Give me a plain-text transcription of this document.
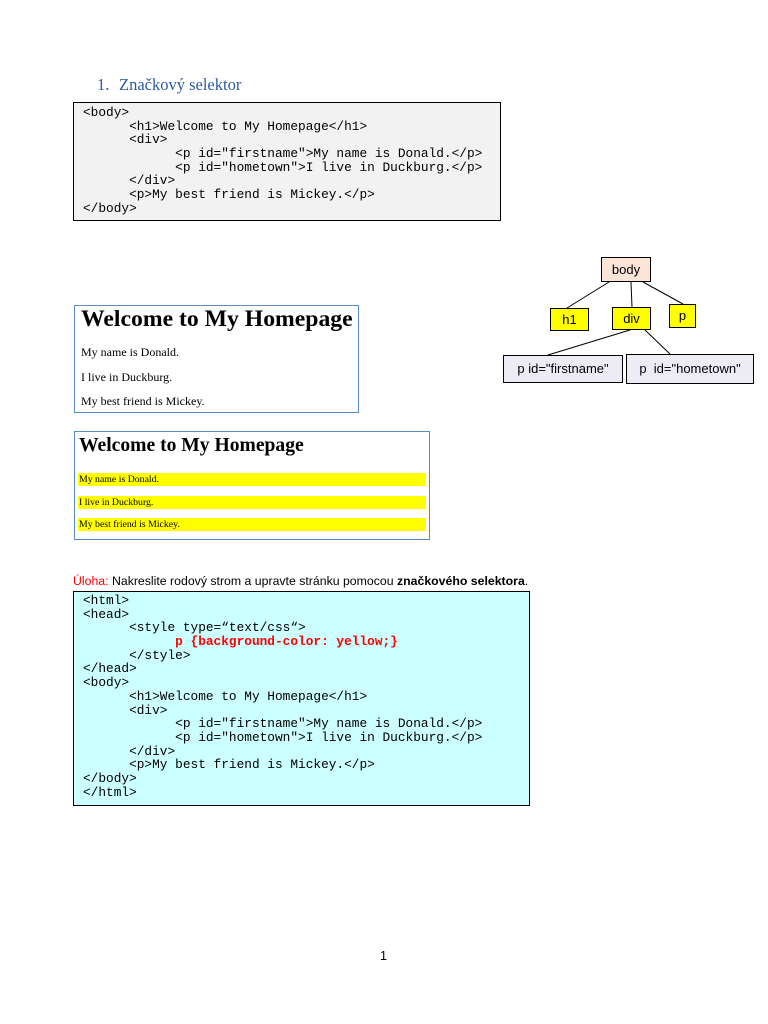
1. Značkový selektor
<body>
	<h1>Welcome to My Homepage</h1>
	<div>
		<p id="firstname">My name is Donald.</p>
		<p id="hometown">I live in Duckburg.</p>
	</div>
	<p>My best friend is Mickey.</p>
</body>
body
h1	div	p
p id="firstname"	p  id="hometown"
Welcome to My Homepage
My name is Donald.
I live in Duckburg.
My best friend is Mickey.
Welcome to My Homepage
My name is Donald.
I live in Duckburg.
My best friend is Mickey.
Úloha: Nakreslite rodový strom a upravte stránku pomocou značkového selektora.
<html>
<head>
	<style type=“text/css“>
		p {background-color: yellow;}
	</style>
</head>
<body>
	<h1>Welcome to My Homepage</h1>
	<div>
		<p id="firstname">My name is Donald.</p>
		<p id="hometown">I live in Duckburg.</p>
	</div>
	<p>My best friend is Mickey.</p>
</body>
</html>
1
